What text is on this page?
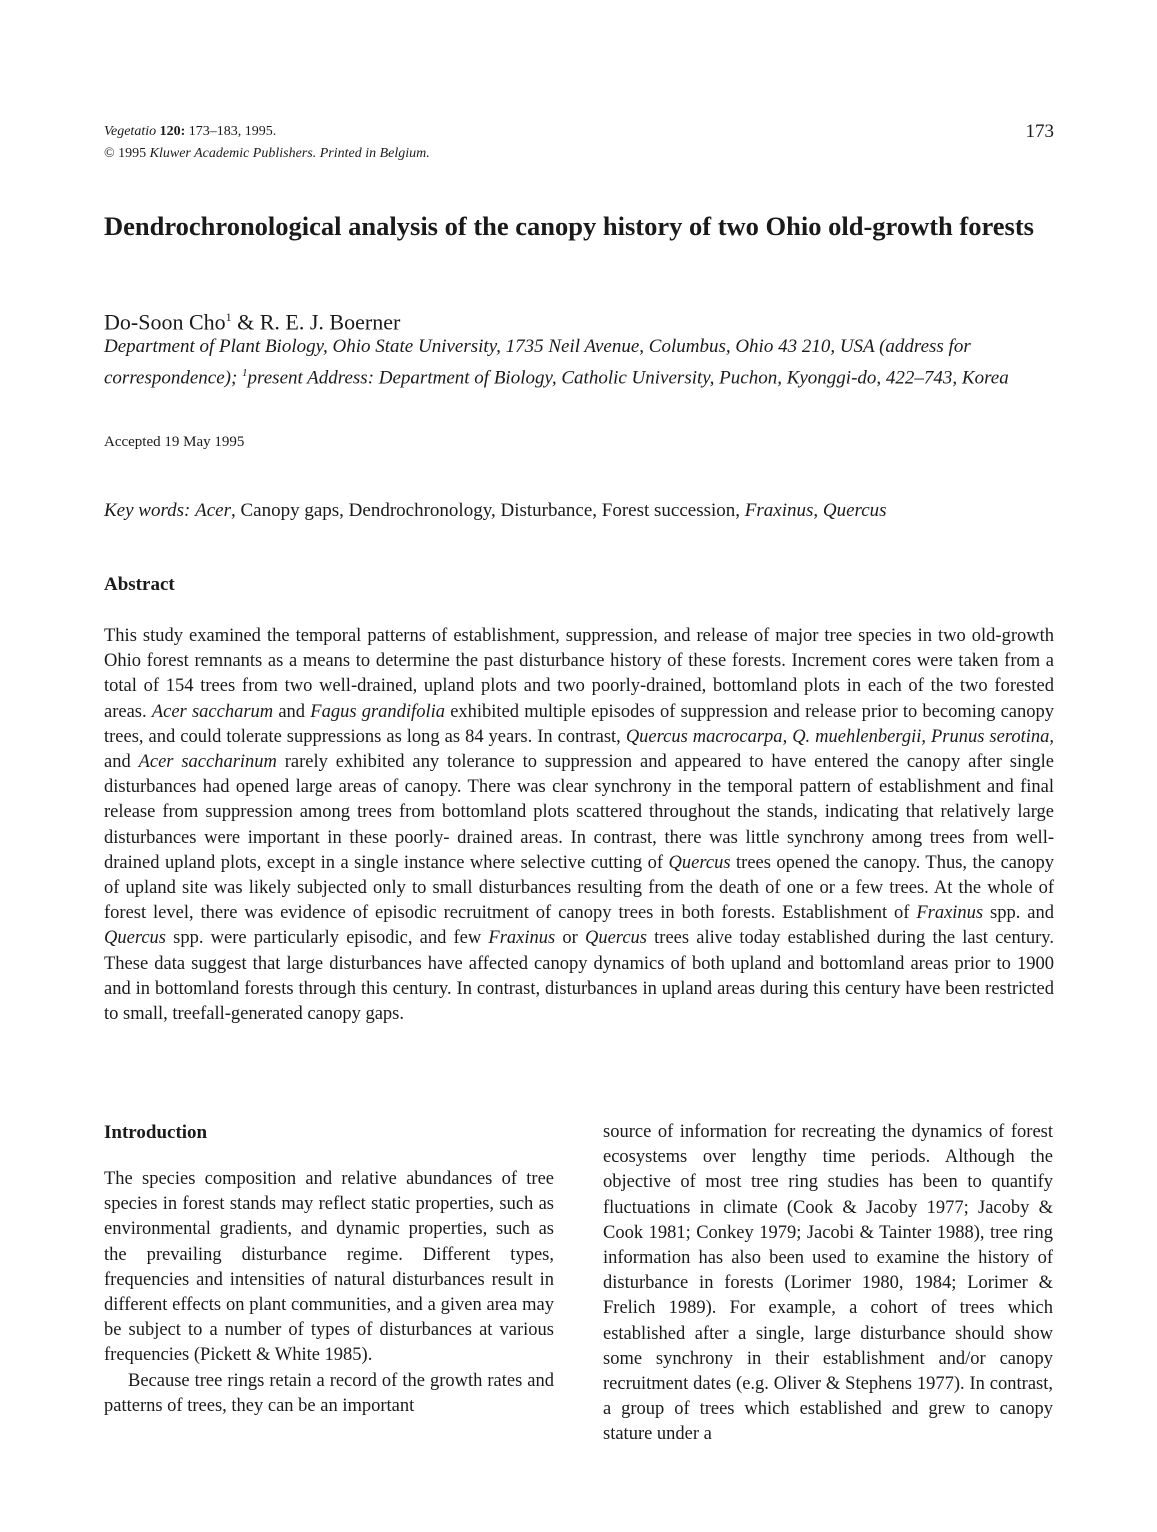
Vegetatio 120: 173–183, 1995.
© 1995 Kluwer Academic Publishers. Printed in Belgium.
173
Dendrochronological analysis of the canopy history of two Ohio old-growth forests
Do-Soon Cho$^1$ & R. E. J. Boerner
Department of Plant Biology, Ohio State University, 1735 Neil Avenue, Columbus, Ohio 43 210, USA (address for correspondence); $^1$present Address: Department of Biology, Catholic University, Puchon, Kyonggi-do, 422–743, Korea
Accepted 19 May 1995
Key words: Acer, Canopy gaps, Dendrochronology, Disturbance, Forest succession, Fraxinus, Quercus
Abstract

This study examined the temporal patterns of establishment, suppression, and release of major tree species in two old-growth Ohio forest remnants as a means to determine the past disturbance history of these forests. Increment cores were taken from a total of 154 trees from two well-drained, upland plots and two poorly-drained, bottomland plots in each of the two forested areas. Acer saccharum and Fagus grandifolia exhibited multiple episodes of suppression and release prior to becoming canopy trees, and could tolerate suppressions as long as 84 years. In contrast, Quercus macrocarpa, Q. muehlenbergii, Prunus serotina, and Acer saccharinum rarely exhibited any tolerance to suppression and appeared to have entered the canopy after single disturbances had opened large areas of canopy. There was clear synchrony in the temporal pattern of establishment and final release from suppression among trees from bottomland plots scattered throughout the stands, indicating that relatively large disturbances were important in these poorly- drained areas. In contrast, there was little synchrony among trees from well-drained upland plots, except in a single instance where selective cutting of Quercus trees opened the canopy. Thus, the canopy of upland site was likely subjected only to small disturbances resulting from the death of one or a few trees. At the whole of forest level, there was evidence of episodic recruitment of canopy trees in both forests. Establishment of Fraxinus spp. and Quercus spp. were particularly episodic, and few Fraxinus or Quercus trees alive today established during the last century. These data suggest that large disturbances have affected canopy dynamics of both upland and bottomland areas prior to 1900 and in bottomland forests through this century. In contrast, disturbances in upland areas during this century have been restricted to small, treefall-generated canopy gaps.

Introduction

The species composition and relative abundances of tree species in forest stands may reflect static properties, such as environmental gradients, and dynamic properties, such as the prevailing disturbance regime. Different types, frequencies and intensities of natural disturbances result in different effects on plant communities, and a given area may be subject to a number of types of disturbances at various frequencies (Pickett & White 1985).

Because tree rings retain a record of the growth rates and patterns of trees, they can be an important

source of information for recreating the dynamics of forest ecosystems over lengthy time periods. Although the objective of most tree ring studies has been to quantify fluctuations in climate (Cook & Jacoby 1977; Jacoby & Cook 1981; Conkey 1979; Jacobi & Tainter 1988), tree ring information has also been used to examine the history of disturbance in forests (Lorimer 1980, 1984; Lorimer & Frelich 1989). For example, a cohort of trees which established after a single, large disturbance should show some synchrony in their establishment and/or canopy recruitment dates (e.g. Oliver & Stephens 1977). In contrast, a group of trees which established and grew to canopy stature under a
